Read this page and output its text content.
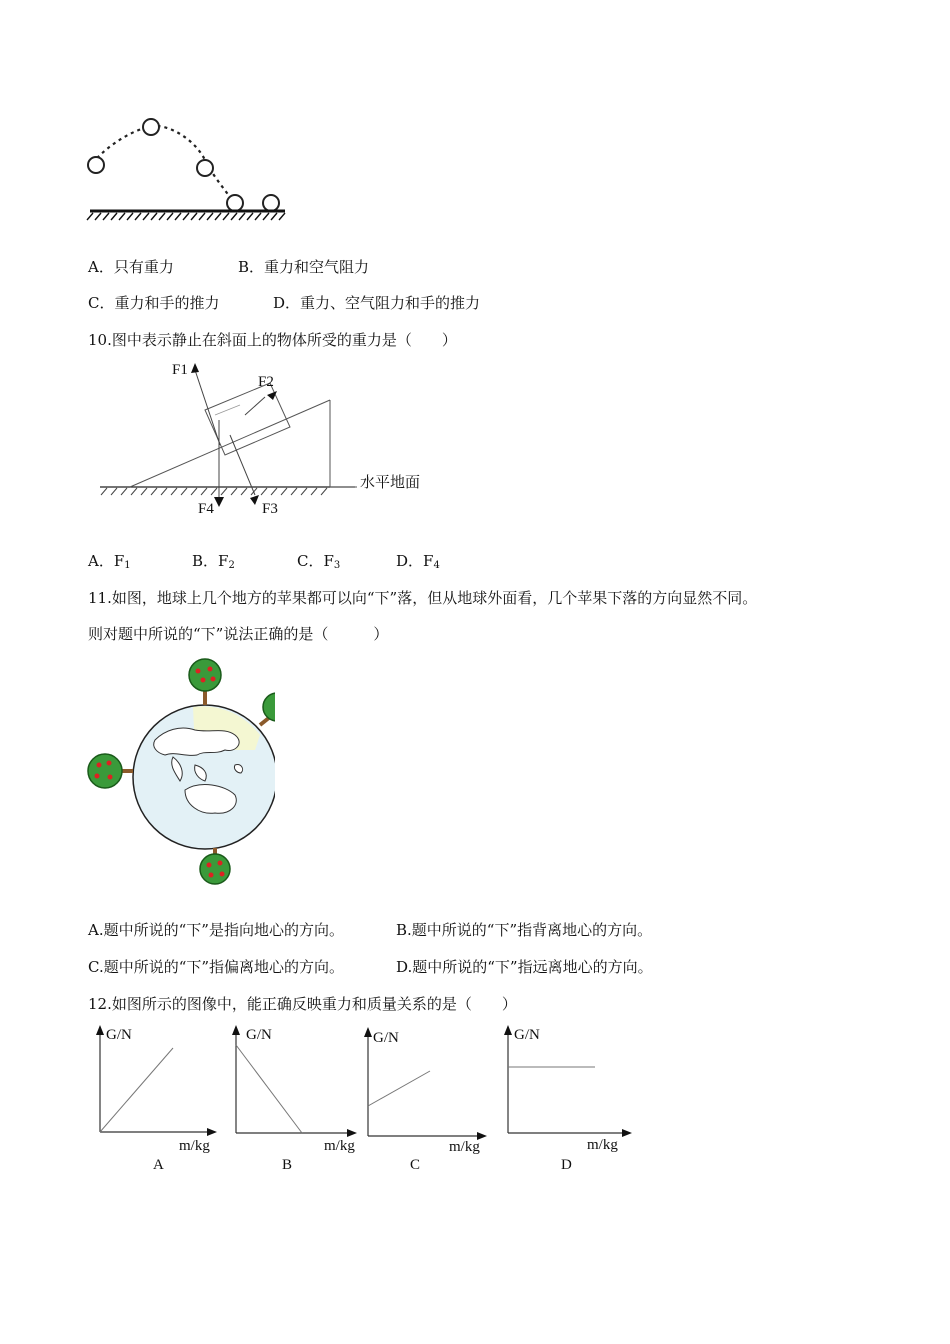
A．只有重力	B．重力和空气阻力
C．重力和手的推力	D．重力、空气阻力和手的推力
10.图中表示静止在斜面上的物体所受的重力是（　　）
F1
F2
F4	F3
水平地面
A．$F_1$	B．$F_2$	C．$F_3$	D．$F_4$
11.如图，地球上几个地方的苹果都可以向“下”落，但从地球外面看，几个苹果下落的方向显然不同。
则对题中所说的“下”说法正确的是（　　　）
A.题中所说的“下”是指向地心的方向。	B.题中所说的“下”指背离地心的方向。
C.题中所说的“下”指偏离地心的方向。	D.题中所说的“下”指远离地心的方向。
12.如图所示的图像中，能正确反映重力和质量关系的是（　　）
G/N
m/kg
A
G/N
m/kg
B
G/N
m/kg
C
G/N
m/kg
D
